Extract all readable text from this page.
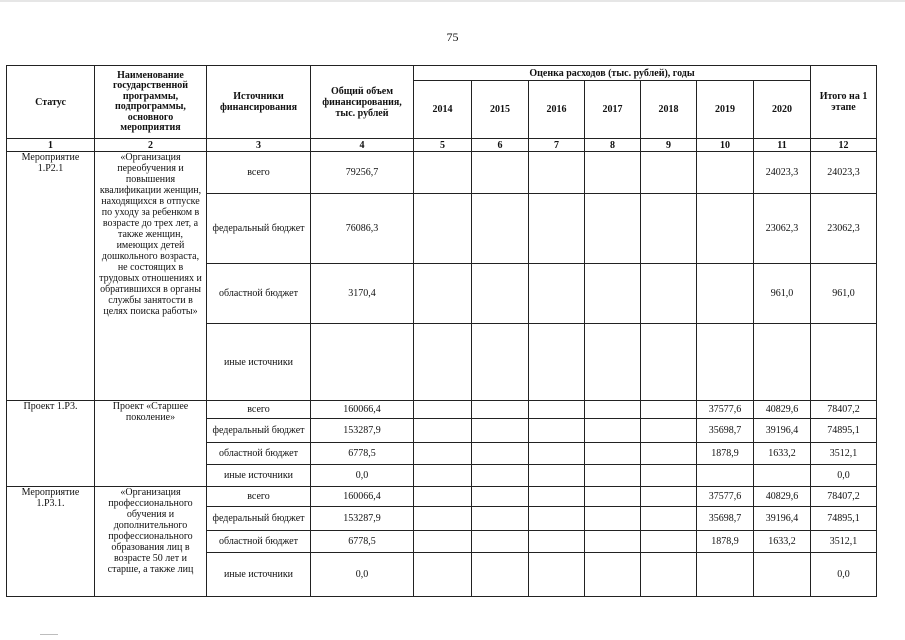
75
Статус	Наименование государственной программы, подпрограммы, основного мероприятия	Источники финансирования	Общий объем финансирования, тыс. рублей	Оценка расходов (тыс. рублей), годы							Итого на 1 этапе
				2014	2015	2016	2017	2018	2019	2020	
1	2	3	4	5	6	7	8	9	10	11	12
Мероприятие 1.Р2.1	«Организация переобучения и повышения квалификации женщин, находящихся в отпуске по уходу за ребенком в возрасте до трех лет, а также женщин, имеющих детей дошкольного возраста, не состоящих в трудовых отношениях и обратившихся в органы службы занятости в целях поиска работы»	всего	79256,7							24023,3	24023,3
		федеральный бюджет	76086,3							23062,3	23062,3
		областной бюджет	3170,4							961,0	961,0
		иные источники									
Проект 1.Р3.	Проект «Старшее поколение»	всего	160066,4						37577,6	40829,6	78407,2
		федеральный бюджет	153287,9						35698,7	39196,4	74895,1
		областной бюджет	6778,5						1878,9	1633,2	3512,1
		иные источники	0,0								0,0
Мероприятие 1.Р3.1.	«Организация профессионального обучения и дополнительного профессионального образования лиц в возрасте 50 лет и старше, а также лиц	всего	160066,4						37577,6	40829,6	78407,2
		федеральный бюджет	153287,9						35698,7	39196,4	74895,1
		областной бюджет	6778,5						1878,9	1633,2	3512,1
		иные источники	0,0								0,0
